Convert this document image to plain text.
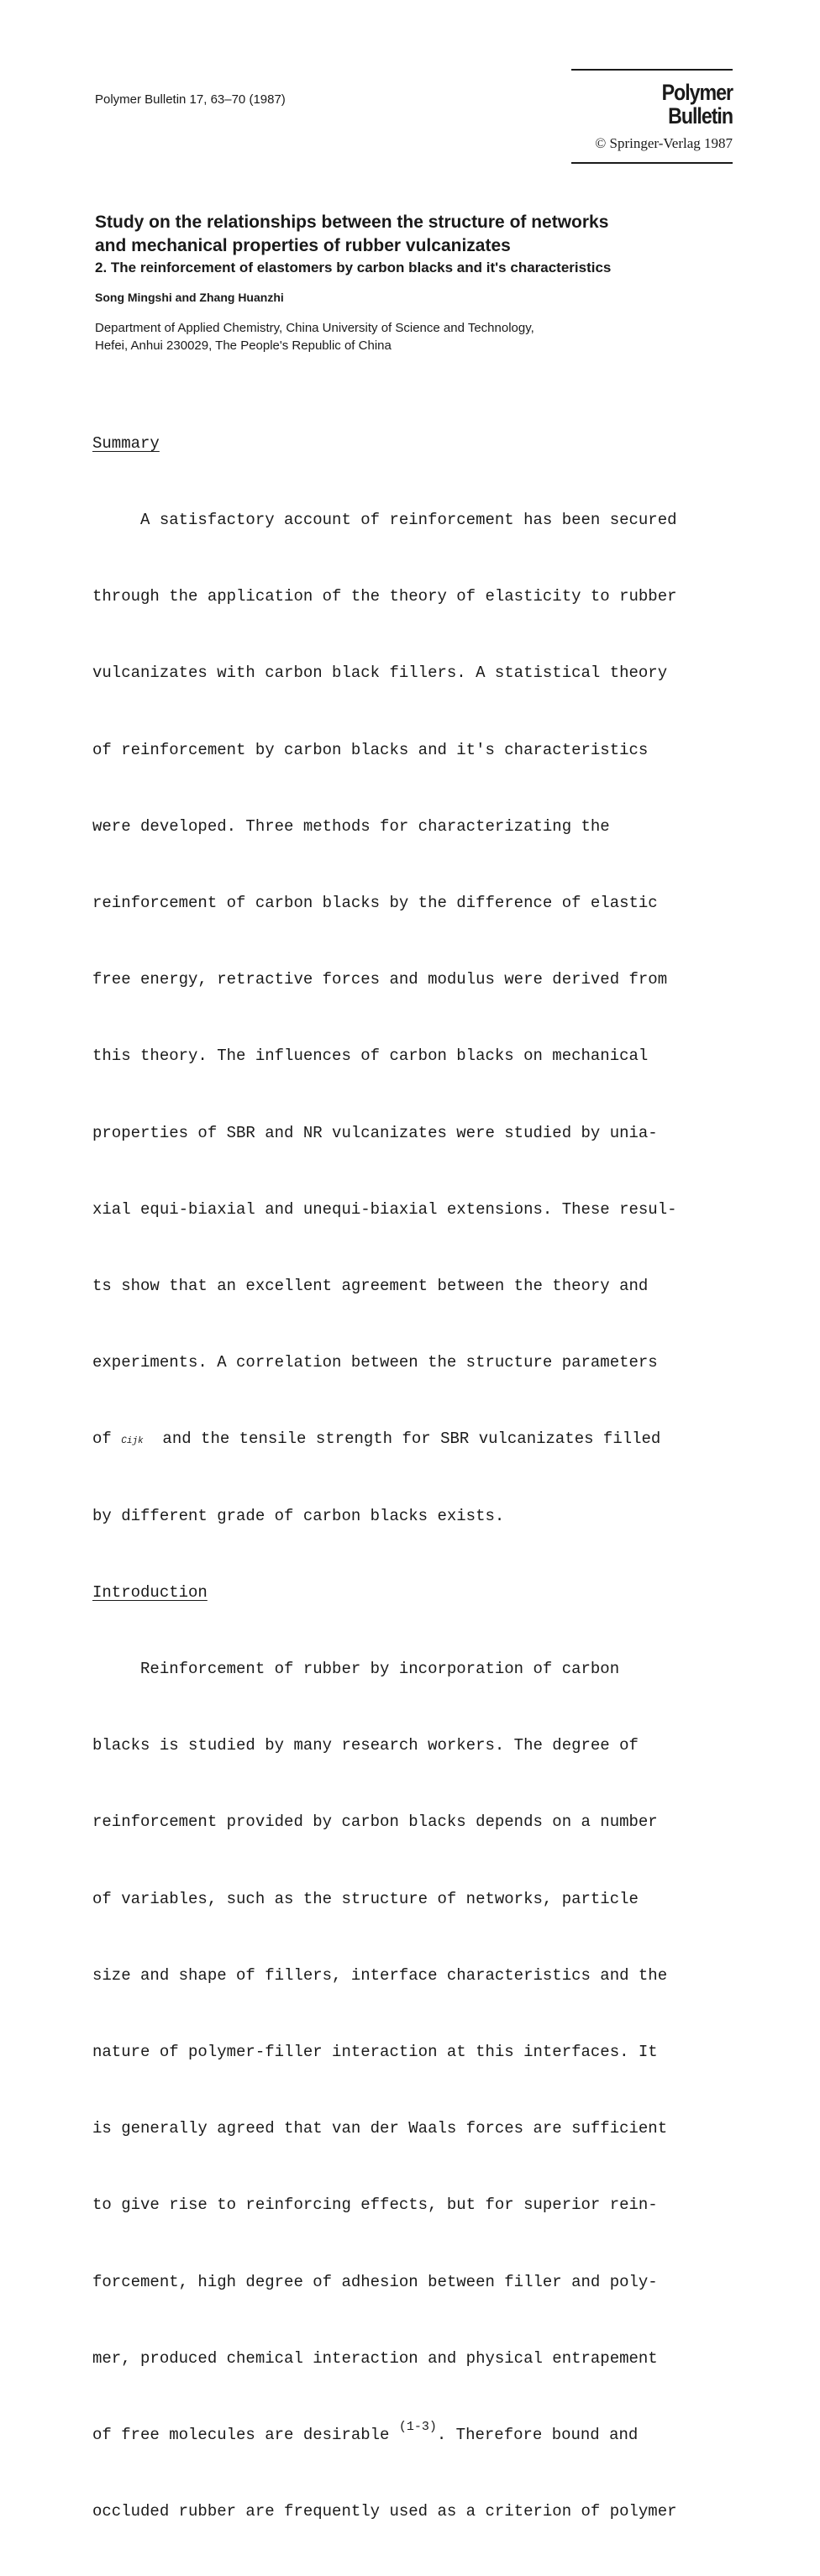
Polymer Bulletin 17, 63–70 (1987)	Polymer Bulletin
© Springer-Verlag 1987
Study on the relationships between the structure of networks
and mechanical properties of rubber vulcanizates
2. The reinforcement of elastomers by carbon blacks and it's characteristics
Song Mingshi and Zhang Huanzhi
Department of Applied Chemistry, China University of Science and Technology,
Hefei, Anhui 230029, The People's Republic of China

Summary

A satisfactory account of reinforcement has been secured

through the application of the theory of elasticity to rubber

vulcanizates with carbon black fillers. A statistical theory

of reinforcement by carbon blacks and it's characteristics

were developed. Three methods for characterizating the

reinforcement of carbon blacks by the difference of elastic

free energy, retractive forces and modulus were derived from

this theory. The influences of carbon blacks on mechanical

properties of SBR and NR vulcanizates were studied by unia-

xial equi-biaxial and unequi-biaxial extensions. These resul-

ts show that an excellent agreement between the theory and

experiments. A correlation between the structure parameters

of Cijk  and the tensile strength for SBR vulcanizates filled

by different grade of carbon blacks exists.

Introduction

Reinforcement of rubber by incorporation of carbon

blacks is studied by many research workers. The degree of

reinforcement provided by carbon blacks depends on a number

of variables, such as the structure of networks, particle

size and shape of fillers, interface characteristics and the

nature of polymer-filler interaction at this interfaces. It

is generally agreed that van der Waals forces are sufficient

to give rise to reinforcing effects, but for superior rein-

forcement, high degree of adhesion between filler and poly-

mer, produced chemical interaction and physical entrapement

of free molecules are desirable $^{(1-3)}$. Therefore bound and

occluded rubber are frequently used as a criterion of polymer
